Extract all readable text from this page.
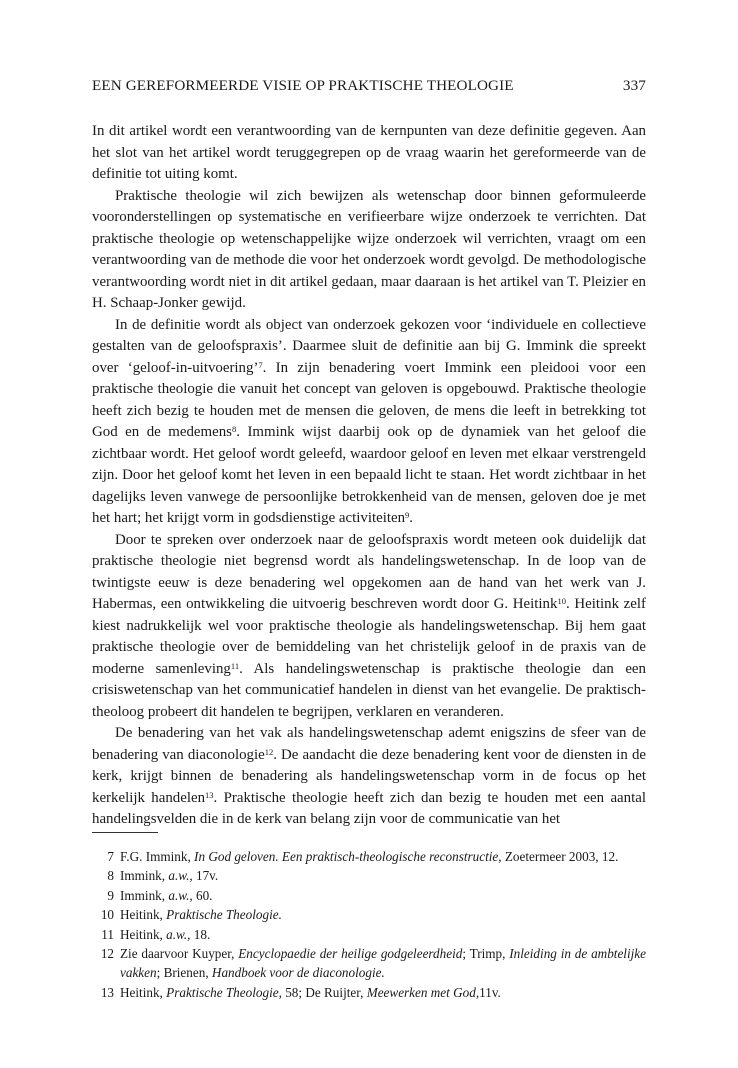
EEN GEREFORMEERDE VISIE OP PRAKTISCHE THEOLOGIE	337

In dit artikel wordt een verantwoording van de kernpunten van deze definitie gegeven. Aan het slot van het artikel wordt teruggegrepen op de vraag waarin het gereformeerde van de definitie tot uiting komt.

Praktische theologie wil zich bewijzen als wetenschap door binnen geformuleerde vooronderstellingen op systematische en verifieerbare wijze onderzoek te verrichten. Dat praktische theologie op wetenschappelijke wijze onderzoek wil verrichten, vraagt om een verantwoording van de methode die voor het onderzoek wordt gevolgd. De methodologische verantwoording wordt niet in dit artikel gedaan, maar daaraan is het artikel van T. Pleizier en H. Schaap-Jonker gewijd.

In de definitie wordt als object van onderzoek gekozen voor ‘individuele en collectieve gestalten van de geloofspraxis’. Daarmee sluit de definitie aan bij G. Immink die spreekt over ‘geloof-in-uitvoering’$^7$. In zijn benadering voert Immink een pleidooi voor een praktische theologie die vanuit het concept van geloven is opgebouwd. Praktische theologie heeft zich bezig te houden met de mensen die geloven, de mens die leeft in betrekking tot God en de medemens$^8$. Immink wijst daarbij ook op de dynamiek van het geloof die zichtbaar wordt. Het geloof wordt geleefd, waardoor geloof en leven met elkaar verstrengeld zijn. Door het geloof komt het leven in een bepaald licht te staan. Het wordt zichtbaar in het dagelijks leven vanwege de persoonlijke betrokkenheid van de mensen, geloven doe je met het hart; het krijgt vorm in godsdienstige activiteiten$^9$.

Door te spreken over onderzoek naar de geloofspraxis wordt meteen ook duidelijk dat praktische theologie niet begrensd wordt als handelingswetenschap. In de loop van de twintigste eeuw is deze benadering wel opgekomen aan de hand van het werk van J. Habermas, een ontwikkeling die uitvoerig beschreven wordt door G. Heitink$^{10}$. Heitink zelf kiest nadrukkelijk wel voor praktische theologie als handelingswetenschap. Bij hem gaat praktische theologie over de bemiddeling van het christelijk geloof in de praxis van de moderne samenleving$^{11}$. Als handelingswetenschap is praktische theologie dan een crisiswetenschap van het communicatief handelen in dienst van het evangelie. De praktisch-theoloog probeert dit handelen te begrijpen, verklaren en veranderen.

De benadering van het vak als handelingswetenschap ademt enigszins de sfeer van de benadering van diaconologie$^{12}$. De aandacht die deze benadering kent voor de diensten in de kerk, krijgt binnen de benadering als handelingswetenschap vorm in de focus op het kerkelijk handelen$^{13}$. Praktische theologie heeft zich dan bezig te houden met een aantal handelingsvelden die in de kerk van belang zijn voor de communicatie van het

7 F.G. Immink, In God geloven. Een praktisch-theologische reconstructie, Zoetermeer 2003, 12.
8 Immink, a.w., 17v.
9 Immink, a.w., 60.
10 Heitink, Praktische Theologie.
11 Heitink, a.w., 18.
12 Zie daarvoor Kuyper, Encyclopaedie der heilige godgeleerdheid; Trimp, Inleiding in de ambtelijke vakken; Brienen, Handboek voor de diaconologie.
13 Heitink, Praktische Theologie, 58; De Ruijter, Meewerken met God,11v.
